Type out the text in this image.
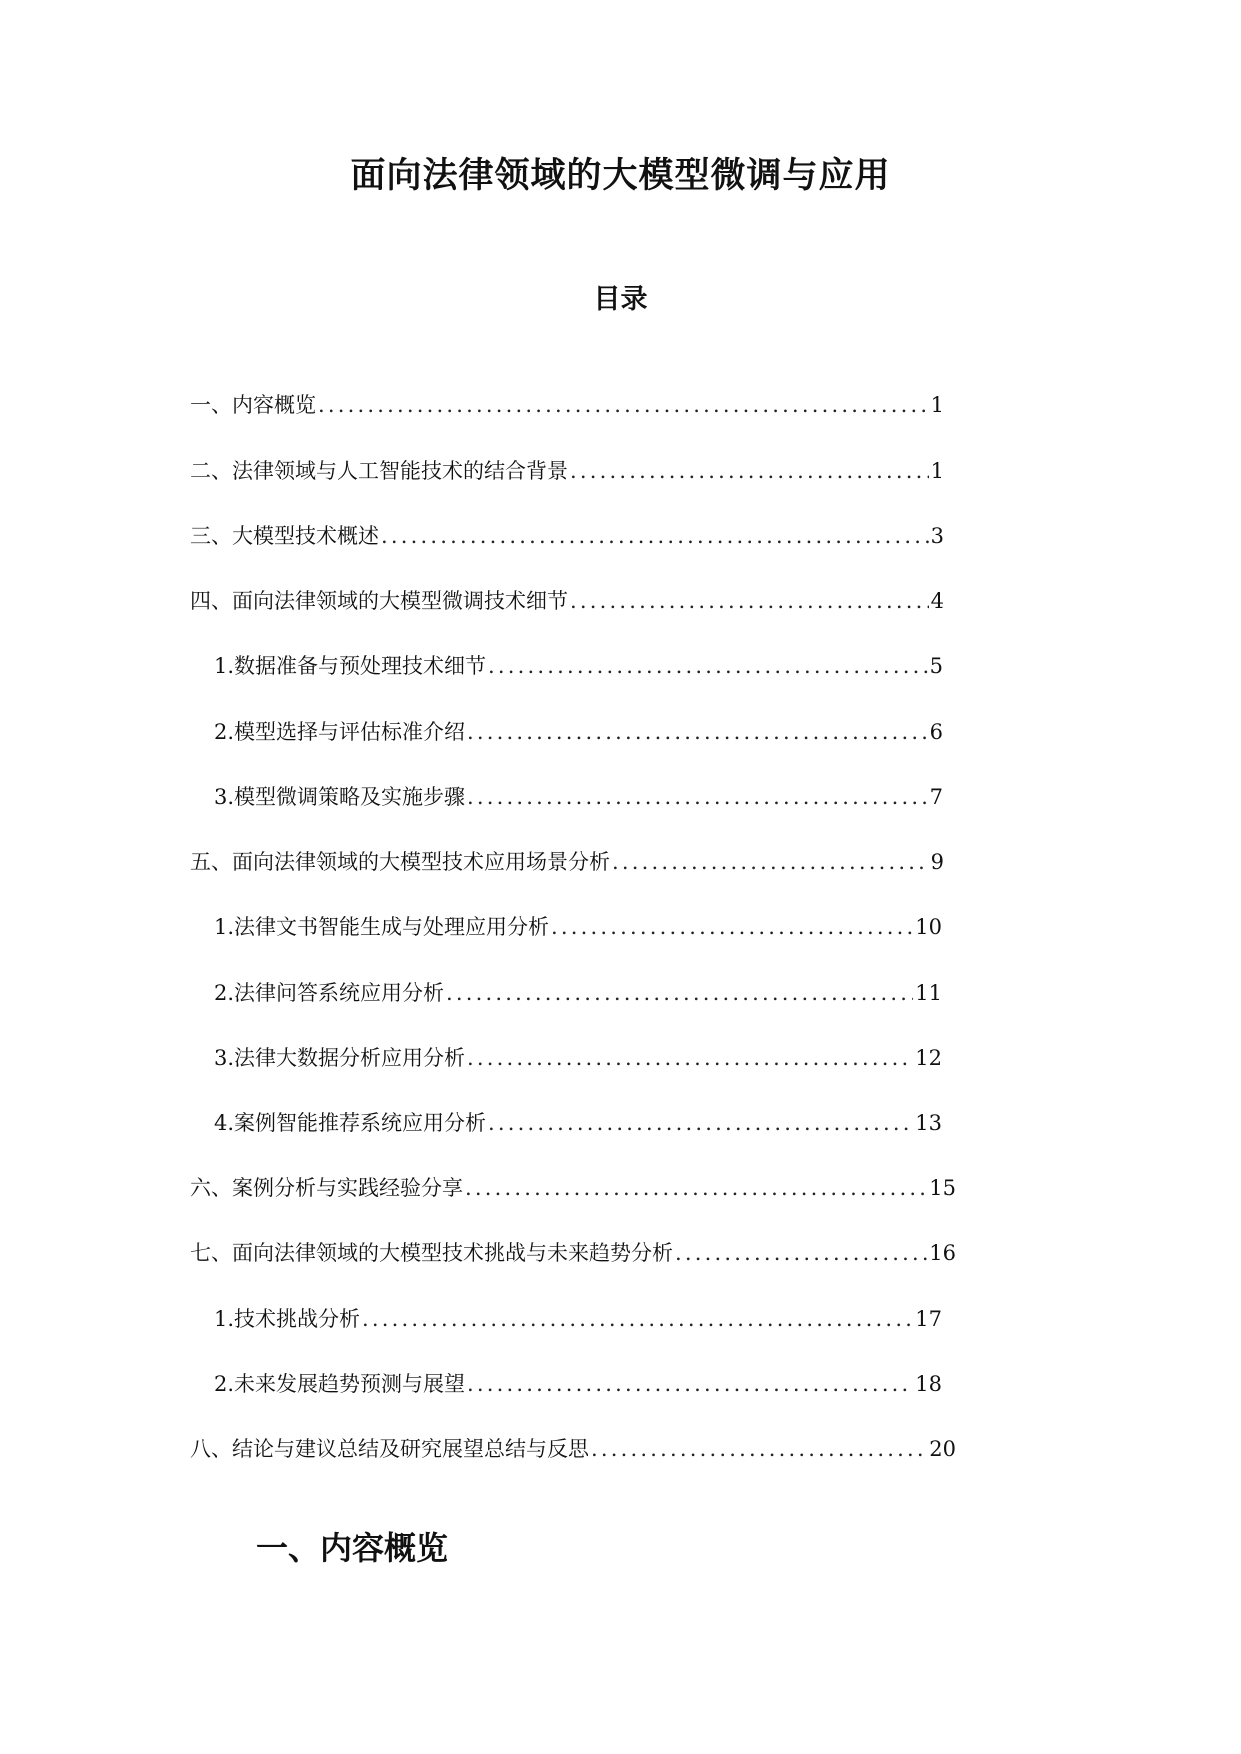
面向法律领域的大模型微调与应用
目录
一、内容概览 .....	1
二、法律领域与人工智能技术的结合背景 .....	1
三、大模型技术概述 .....	3
四、面向法律领域的大模型微调技术细节 .....	4
1. 数据准备与预处理技术细节 .....	5
2. 模型选择与评估标准介绍 .....	6
3. 模型微调策略及实施步骤 .....	7
五、面向法律领域的大模型技术应用场景分析 .....	9
1. 法律文书智能生成与处理应用分析 .....	10
2. 法律问答系统应用分析 .....	11
3. 法律大数据分析应用分析 .....	12
4. 案例智能推荐系统应用分析 .....	13
六、案例分析与实践经验分享 .....	15
七、面向法律领域的大模型技术挑战与未来趋势分析 .....	16
1. 技术挑战分析 .....	17
2. 未来发展趋势预测与展望 .....	18
八、结论与建议总结及研究展望总结与反思 .....	20
一、内容概览
